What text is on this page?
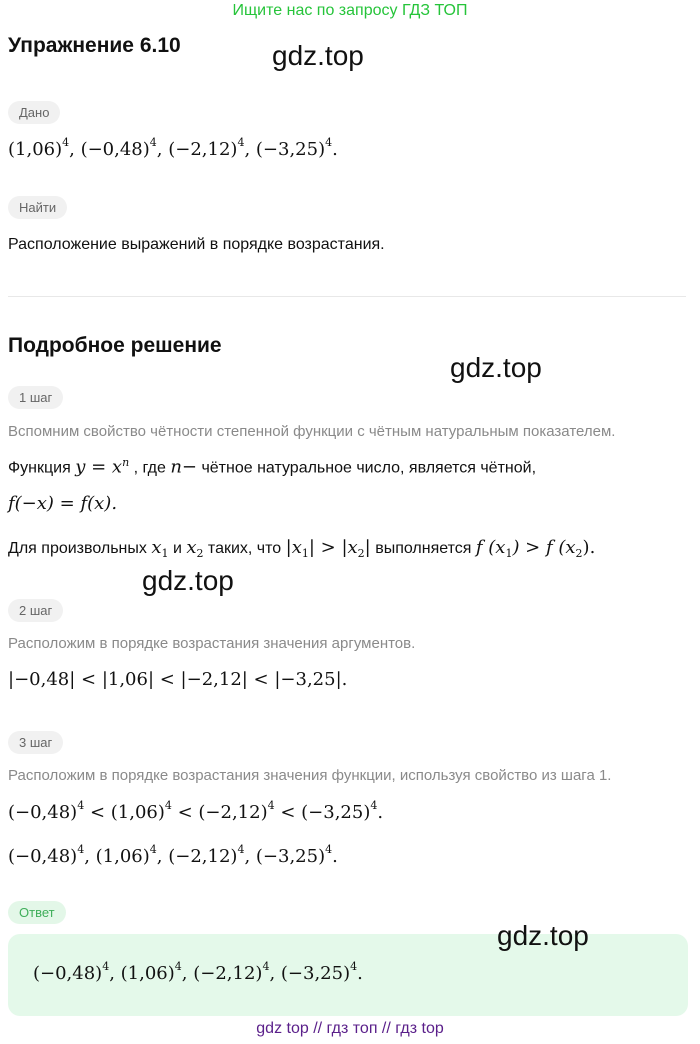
Ищите нас по запросу ГДЗ ТОП
Упражнение 6.10	gdz.top
gdz.top
gdz.top
gdz.top
Дано
$(1,06)^4$, $(-0,48)^4$, $(-2,12)^4$, $(-3,25)^4$.
Найти
Расположение выражений в порядке возрастания.
Подробное решение
1 шаг
Вспомним свойство чётности степенной функции с чётным натуральным показателем.
Функция $y = x^n$ , где n− чётное натуральное число, является чётной,
f(−x) = f(x).
Для произвольных $x_1$ и $x_2$ таких, что $|x_1| > |x_2|$ выполняется f $(x_1) > f$ $(x_2)$.
2 шаг
Расположим в порядке возрастания значения аргументов.
|−0,48| < |1,06| < |−2,12| < |−3,25|.
3 шаг
Расположим в порядке возрастания значения функции, используя свойство из шага 1.
$(-0,48)^4 < (1,06)^4 < (-2,12)^4 < (-3,25)^4$.
$(-0,48)^4$, $(1,06)^4$, $(-2,12)^4$, $(-3,25)^4$.
Ответ
$(-0,48)^4$, $(1,06)^4$, $(-2,12)^4$, $(-3,25)^4$.
gdz top // гдз топ // гдз top
